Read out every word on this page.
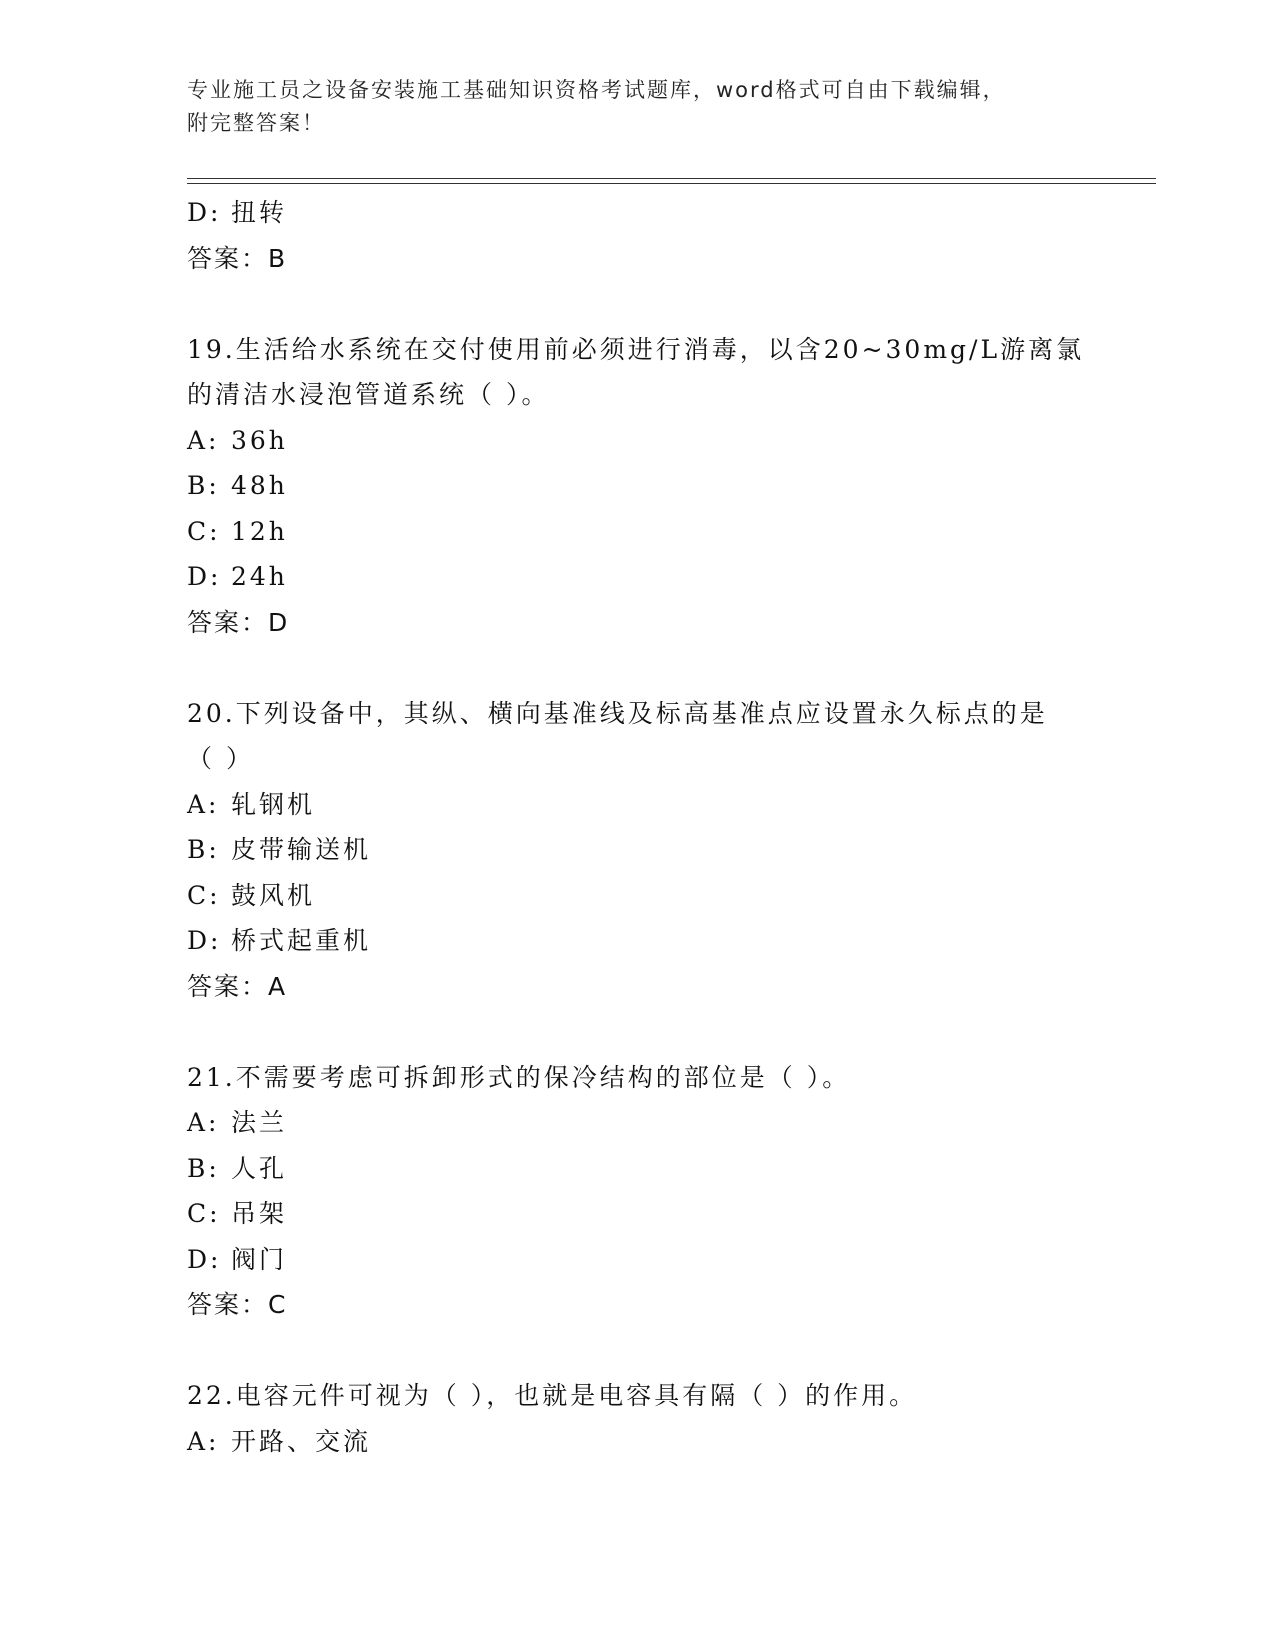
专业施工员之设备安装施工基础知识资格考试题库，word格式可自由下载编辑，
附完整答案！
D: 扭转
答案：B
19.生活给水系统在交付使用前必须进行消毒，以含20~30mg/L游离氯
的清洁水浸泡管道系统（ ）。
A: 36h
B: 48h
C: 12h
D: 24h
答案：D
20.下列设备中，其纵、横向基准线及标高基准点应设置永久标点的是
（ ）
A: 轧钢机
B: 皮带输送机
C: 鼓风机
D: 桥式起重机
答案：A
21.不需要考虑可拆卸形式的保冷结构的部位是（ ）。
A: 法兰
B: 人孔
C: 吊架
D: 阀门
答案：C
22.电容元件可视为（ ），也就是电容具有隔（ ）的作用。
A: 开路、交流
